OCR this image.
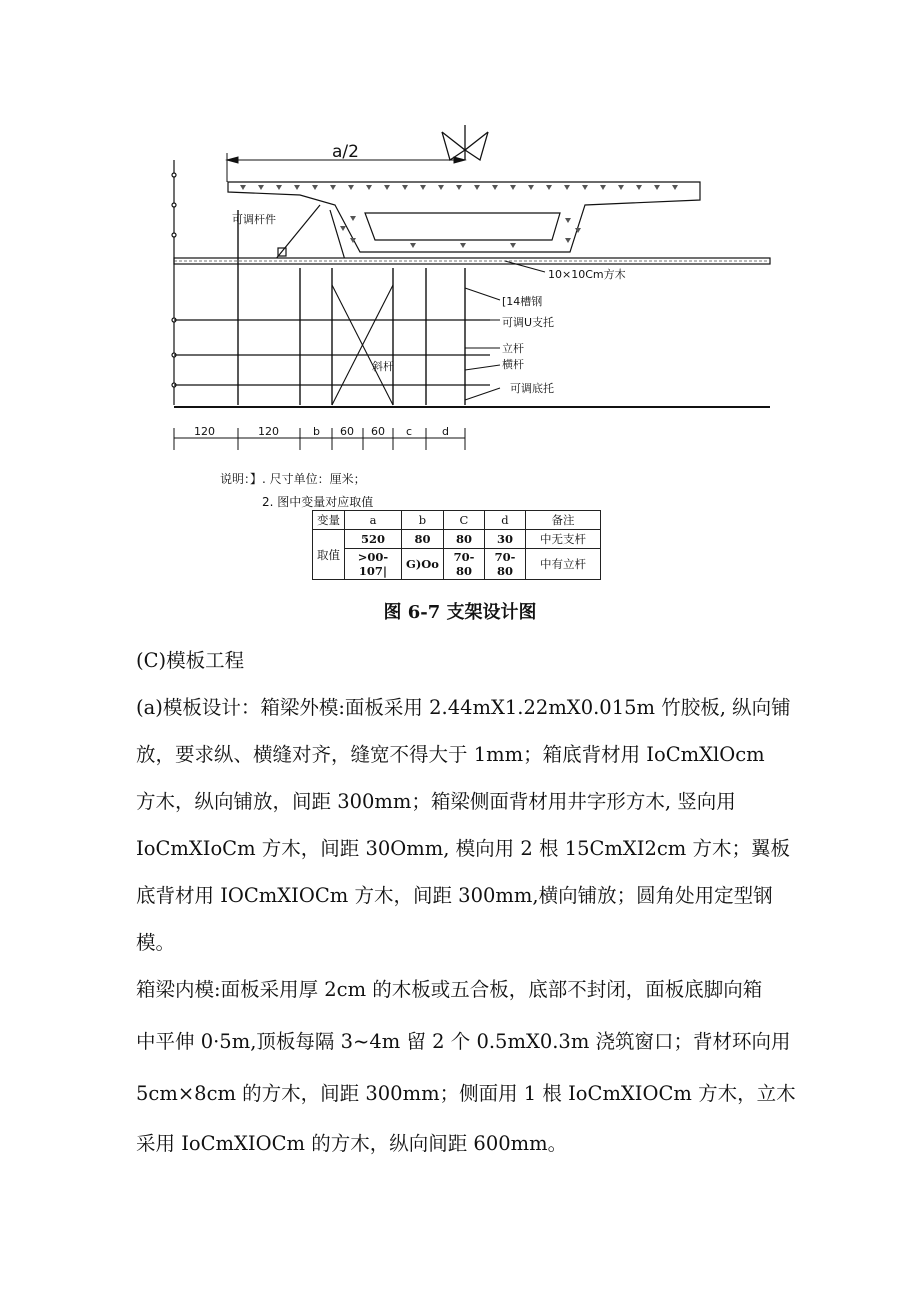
a/2
可调杆件
10×10Cm方木
[14槽钢
可调U支托
立杆
斜杆	横杆
可调底托
120	120	b 60 60 c	d
说明：】. 尺寸单位：厘米；
2. 图中变量对应取值
变量	a	b	C	d	备注
取值	520	80	80	30	中无支杆
	>00-107|	G)Oo	70-80	70-80	中有立杆
图 6-7 支架设计图
(C)模板工程
(a)模板设计：箱梁外模:面板采用 2.44mX1.22mX0.015m 竹胶板, 纵向铺
放，要求纵、横缝对齐，缝宽不得大于 1mm；箱底背材用 IoCmXlOcm
方木，纵向铺放，间距 300mm；箱梁侧面背材用井字形方木, 竖向用
IoCmXIoCm 方木，间距 30Omm, 模向用 2 根 15CmXI2cm 方木；翼板
底背材用 IOCmXIOCm 方木，间距 300mm,横向铺放；圆角处用定型钢
模。
箱梁内模:面板采用厚 2cm 的木板或五合板，底部不封闭，面板底脚向箱
中平伸 0·5m,顶板每隔 3~4m 留 2 个 0.5mX0.3m 浇筑窗口；背材环向用
5cm×8cm 的方木，间距 300mm；侧面用 1 根 IoCmXIOCm 方木，立木
采用 IoCmXIOCm 的方木，纵向间距 600mm。
